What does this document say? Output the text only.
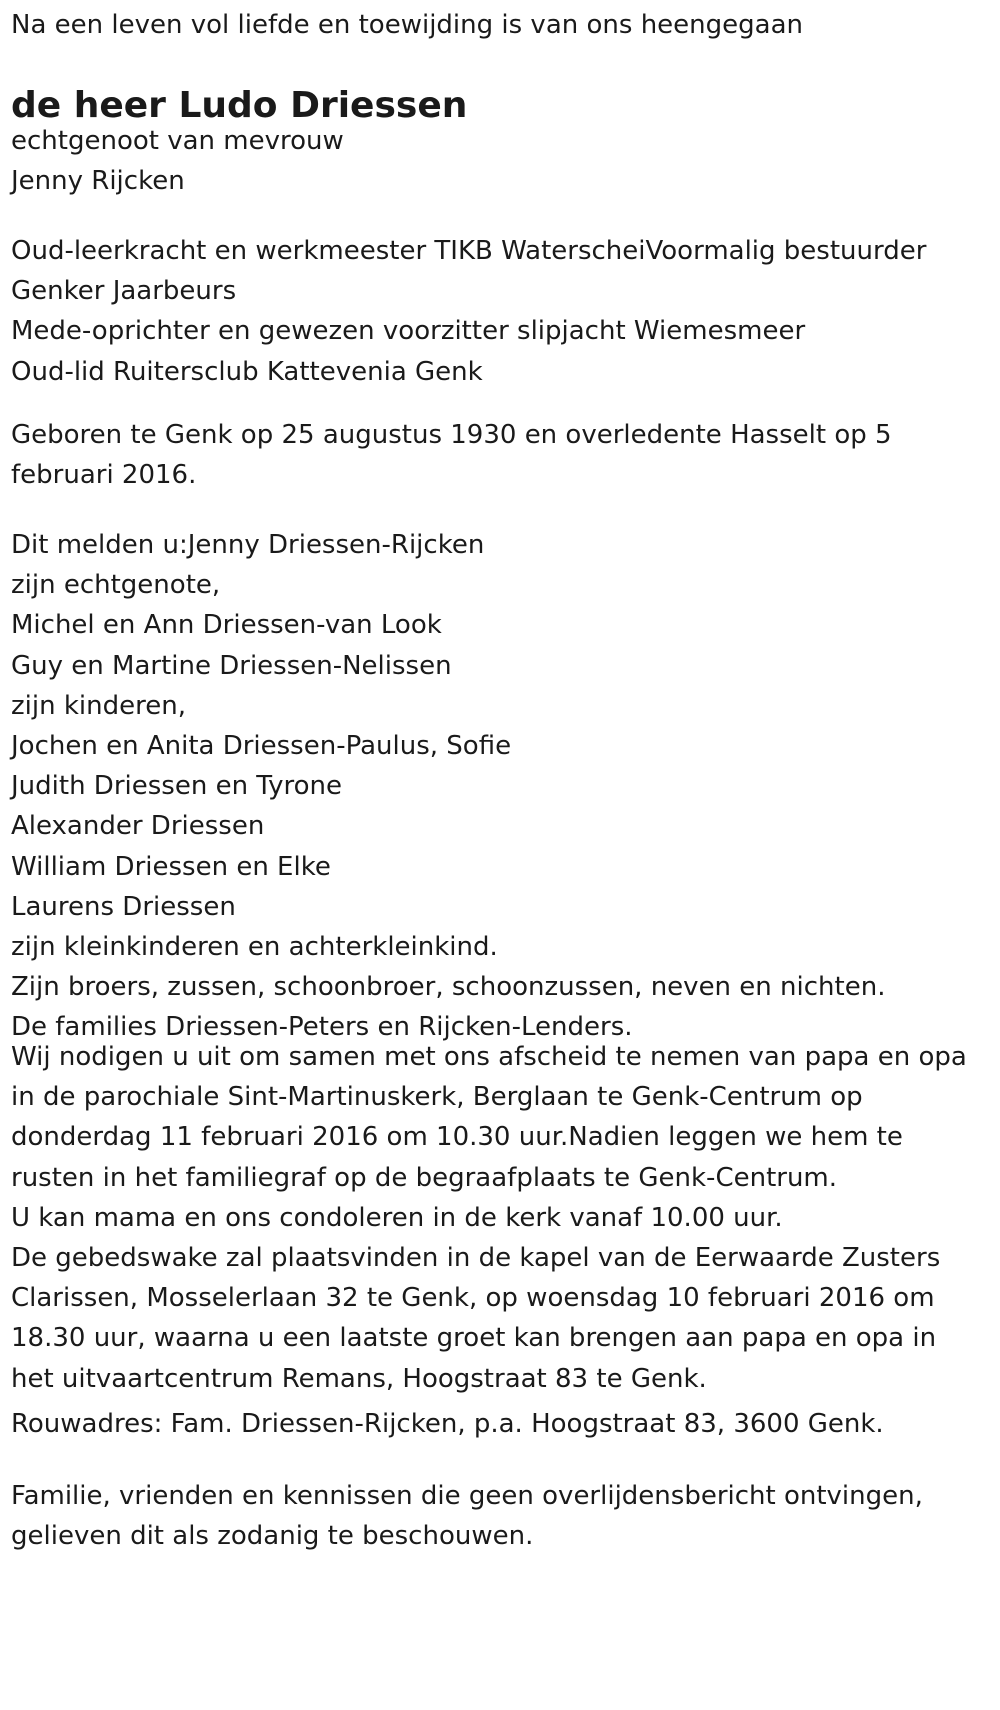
Na een leven vol liefde en toewijding is van ons heengegaan
de heer Ludo Driessen
echtgenoot van mevrouw
Jenny Rijcken
Oud-leerkracht en werkmeester TIKB WaterscheiVoormalig bestuurder
Genker Jaarbeurs
Mede-oprichter en gewezen voorzitter slipjacht Wiemesmeer
Oud-lid Ruitersclub Kattevenia Genk
Geboren te Genk op 25 augustus 1930 en overledente Hasselt op 5
februari 2016.
Dit melden u:Jenny Driessen-Rijcken
zijn echtgenote,
Michel en Ann Driessen-van Look
Guy en Martine Driessen-Nelissen
zijn kinderen,
Jochen en Anita Driessen-Paulus, Sofie
Judith Driessen en Tyrone
Alexander Driessen
William Driessen en Elke
Laurens Driessen
zijn kleinkinderen en achterkleinkind.
Zijn broers, zussen, schoonbroer, schoonzussen, neven en nichten.
De families Driessen-Peters en Rijcken-Lenders.
Wij nodigen u uit om samen met ons afscheid te nemen van papa en opa
in de parochiale Sint-Martinuskerk, Berglaan te Genk-Centrum op
donderdag 11 februari 2016 om 10.30 uur.Nadien leggen we hem te
rusten in het familiegraf op de begraafplaats te Genk-Centrum.
U kan mama en ons condoleren in de kerk vanaf 10.00 uur.
De gebedswake zal plaatsvinden in de kapel van de Eerwaarde Zusters
Clarissen, Mosselerlaan 32 te Genk, op woensdag 10 februari 2016 om
18.30 uur, waarna u een laatste groet kan brengen aan papa en opa in
het uitvaartcentrum Remans, Hoogstraat 83 te Genk.
Rouwadres: Fam. Driessen-Rijcken, p.a. Hoogstraat 83, 3600 Genk.
Familie, vrienden en kennissen die geen overlijdensbericht ontvingen,
gelieven dit als zodanig te beschouwen.
